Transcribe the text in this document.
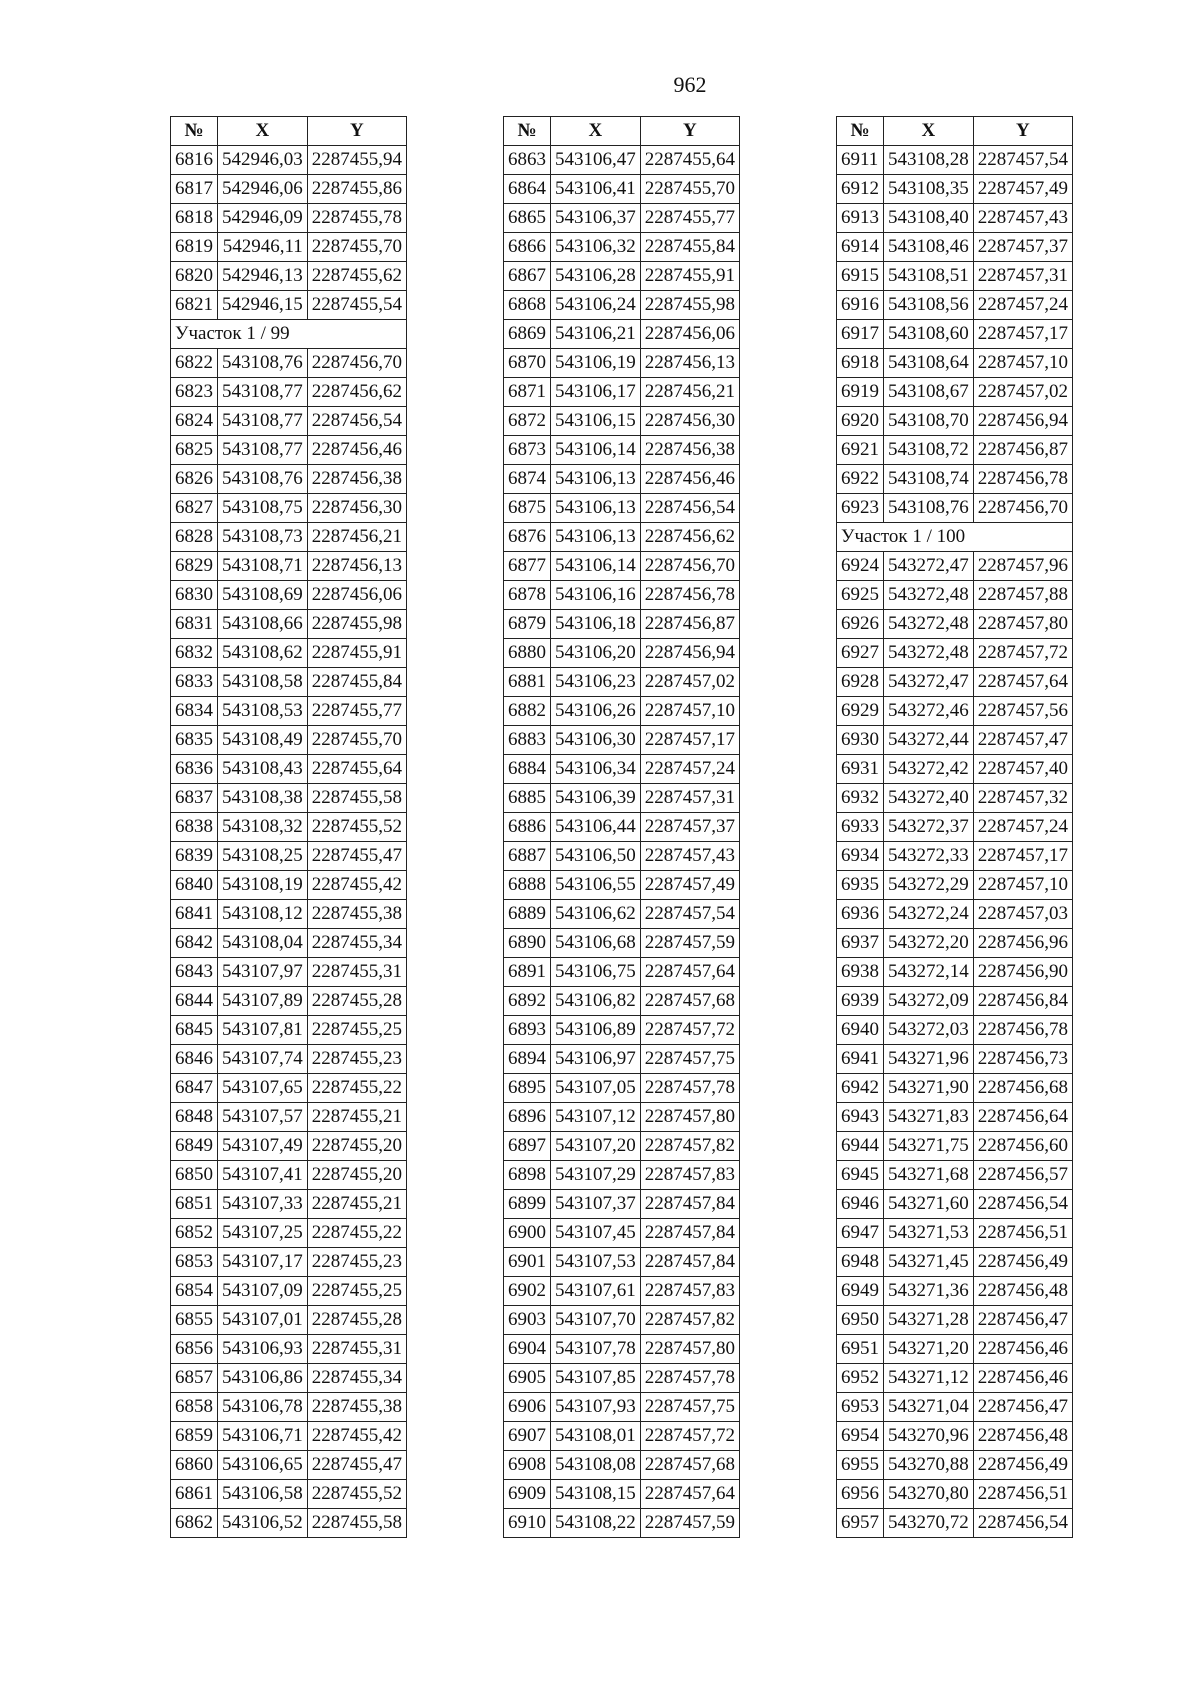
962
№	X	Y
6816	542946,03	2287455,94
6817	542946,06	2287455,86
6818	542946,09	2287455,78
6819	542946,11	2287455,70
6820	542946,13	2287455,62
6821	542946,15	2287455,54
Участок 1 / 99		
6822	543108,76	2287456,70
6823	543108,77	2287456,62
6824	543108,77	2287456,54
6825	543108,77	2287456,46
6826	543108,76	2287456,38
6827	543108,75	2287456,30
6828	543108,73	2287456,21
6829	543108,71	2287456,13
6830	543108,69	2287456,06
6831	543108,66	2287455,98
6832	543108,62	2287455,91
6833	543108,58	2287455,84
6834	543108,53	2287455,77
6835	543108,49	2287455,70
6836	543108,43	2287455,64
6837	543108,38	2287455,58
6838	543108,32	2287455,52
6839	543108,25	2287455,47
6840	543108,19	2287455,42
6841	543108,12	2287455,38
6842	543108,04	2287455,34
6843	543107,97	2287455,31
6844	543107,89	2287455,28
6845	543107,81	2287455,25
6846	543107,74	2287455,23
6847	543107,65	2287455,22
6848	543107,57	2287455,21
6849	543107,49	2287455,20
6850	543107,41	2287455,20
6851	543107,33	2287455,21
6852	543107,25	2287455,22
6853	543107,17	2287455,23
6854	543107,09	2287455,25
6855	543107,01	2287455,28
6856	543106,93	2287455,31
6857	543106,86	2287455,34
6858	543106,78	2287455,38
6859	543106,71	2287455,42
6860	543106,65	2287455,47
6861	543106,58	2287455,52
6862	543106,52	2287455,58
№	X	Y
6863	543106,47	2287455,64
6864	543106,41	2287455,70
6865	543106,37	2287455,77
6866	543106,32	2287455,84
6867	543106,28	2287455,91
6868	543106,24	2287455,98
6869	543106,21	2287456,06
6870	543106,19	2287456,13
6871	543106,17	2287456,21
6872	543106,15	2287456,30
6873	543106,14	2287456,38
6874	543106,13	2287456,46
6875	543106,13	2287456,54
6876	543106,13	2287456,62
6877	543106,14	2287456,70
6878	543106,16	2287456,78
6879	543106,18	2287456,87
6880	543106,20	2287456,94
6881	543106,23	2287457,02
6882	543106,26	2287457,10
6883	543106,30	2287457,17
6884	543106,34	2287457,24
6885	543106,39	2287457,31
6886	543106,44	2287457,37
6887	543106,50	2287457,43
6888	543106,55	2287457,49
6889	543106,62	2287457,54
6890	543106,68	2287457,59
6891	543106,75	2287457,64
6892	543106,82	2287457,68
6893	543106,89	2287457,72
6894	543106,97	2287457,75
6895	543107,05	2287457,78
6896	543107,12	2287457,80
6897	543107,20	2287457,82
6898	543107,29	2287457,83
6899	543107,37	2287457,84
6900	543107,45	2287457,84
6901	543107,53	2287457,84
6902	543107,61	2287457,83
6903	543107,70	2287457,82
6904	543107,78	2287457,80
6905	543107,85	2287457,78
6906	543107,93	2287457,75
6907	543108,01	2287457,72
6908	543108,08	2287457,68
6909	543108,15	2287457,64
6910	543108,22	2287457,59
№	X	Y
6911	543108,28	2287457,54
6912	543108,35	2287457,49
6913	543108,40	2287457,43
6914	543108,46	2287457,37
6915	543108,51	2287457,31
6916	543108,56	2287457,24
6917	543108,60	2287457,17
6918	543108,64	2287457,10
6919	543108,67	2287457,02
6920	543108,70	2287456,94
6921	543108,72	2287456,87
6922	543108,74	2287456,78
6923	543108,76	2287456,70
Участок 1 / 100		
6924	543272,47	2287457,96
6925	543272,48	2287457,88
6926	543272,48	2287457,80
6927	543272,48	2287457,72
6928	543272,47	2287457,64
6929	543272,46	2287457,56
6930	543272,44	2287457,47
6931	543272,42	2287457,40
6932	543272,40	2287457,32
6933	543272,37	2287457,24
6934	543272,33	2287457,17
6935	543272,29	2287457,10
6936	543272,24	2287457,03
6937	543272,20	2287456,96
6938	543272,14	2287456,90
6939	543272,09	2287456,84
6940	543272,03	2287456,78
6941	543271,96	2287456,73
6942	543271,90	2287456,68
6943	543271,83	2287456,64
6944	543271,75	2287456,60
6945	543271,68	2287456,57
6946	543271,60	2287456,54
6947	543271,53	2287456,51
6948	543271,45	2287456,49
6949	543271,36	2287456,48
6950	543271,28	2287456,47
6951	543271,20	2287456,46
6952	543271,12	2287456,46
6953	543271,04	2287456,47
6954	543270,96	2287456,48
6955	543270,88	2287456,49
6956	543270,80	2287456,51
6957	543270,72	2287456,54
